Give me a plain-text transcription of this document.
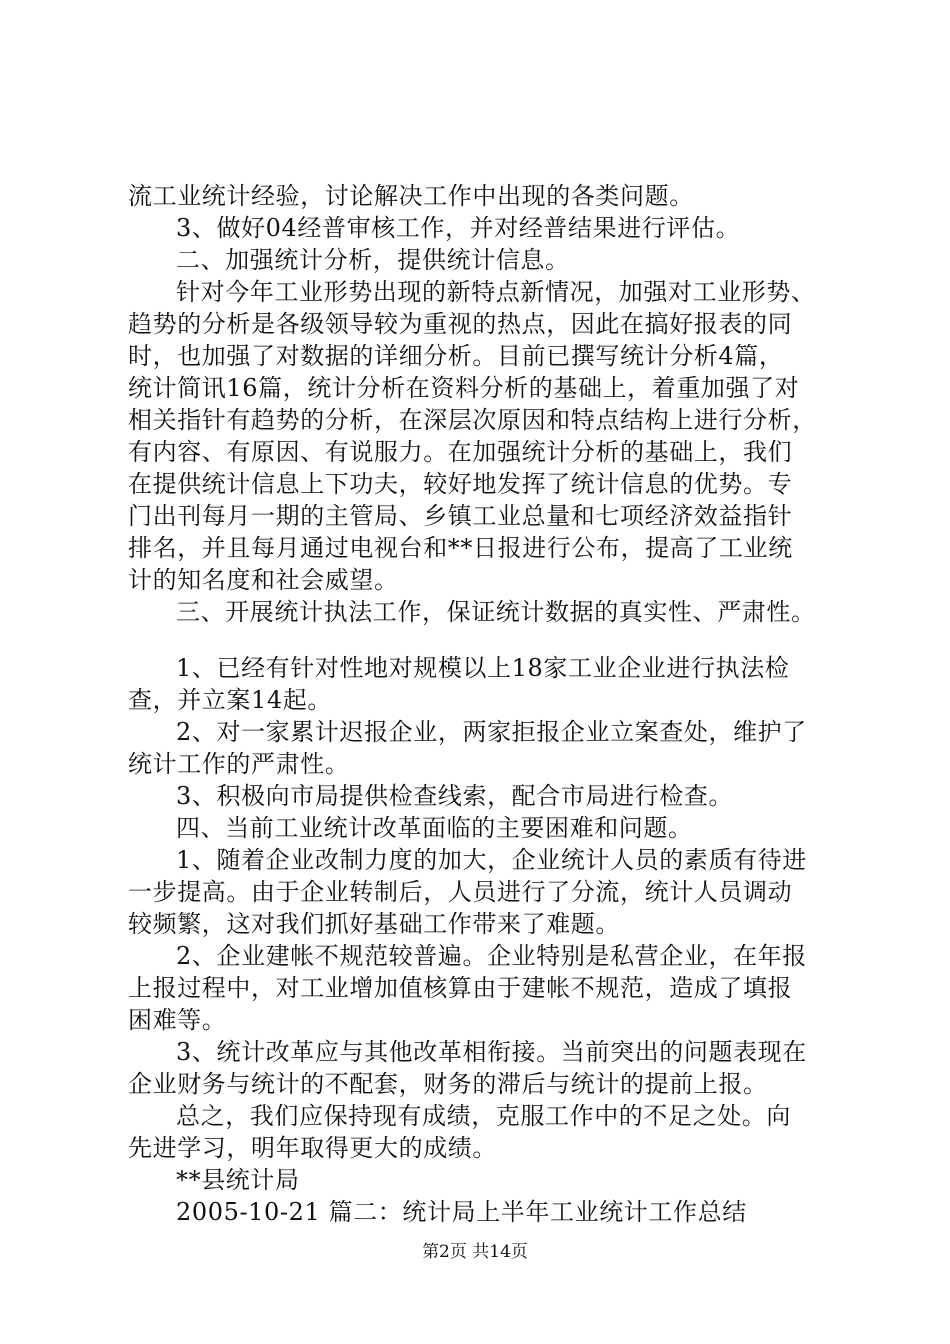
流工业统计经验，讨论解决工作中出现的各类问题。

3、做好04经普审核工作，并对经普结果进行评估。

二、加强统计分析，提供统计信息。

针对今年工业形势出现的新特点新情况，加强对工业形势、

趋势的分析是各级领导较为重视的热点，因此在搞好报表的同

时，也加强了对数据的详细分析。目前已撰写统计分析4篇，

统计简讯16篇，统计分析在资料分析的基础上，着重加强了对

相关指针有趋势的分析，在深层次原因和特点结构上进行分析，

有内容、有原因、有说服力。在加强统计分析的基础上，我们

在提供统计信息上下功夫，较好地发挥了统计信息的优势。专

门出刊每月一期的主管局、乡镇工业总量和七项经济效益指针

排名，并且每月通过电视台和**日报进行公布，提高了工业统

计的知名度和社会威望。

三、开展统计执法工作，保证统计数据的真实性、严肃性。

1、已经有针对性地对规模以上18家工业企业进行执法检

查，并立案14起。

2、对一家累计迟报企业，两家拒报企业立案查处，维护了

统计工作的严肃性。

3、积极向市局提供检查线索，配合市局进行检查。

四、当前工业统计改革面临的主要困难和问题。

1、随着企业改制力度的加大，企业统计人员的素质有待进

一步提高。由于企业转制后，人员进行了分流，统计人员调动

较频繁，这对我们抓好基础工作带来了难题。

2、企业建帐不规范较普遍。企业特别是私营企业，在年报

上报过程中，对工业增加值核算由于建帐不规范，造成了填报

困难等。

3、统计改革应与其他改革相衔接。当前突出的问题表现在

企业财务与统计的不配套，财务的滞后与统计的提前上报。

总之，我们应保持现有成绩，克服工作中的不足之处。向

先进学习，明年取得更大的成绩。

**县统计局

2005-10-21 篇二：统计局上半年工业统计工作总结

第2页 共14页
